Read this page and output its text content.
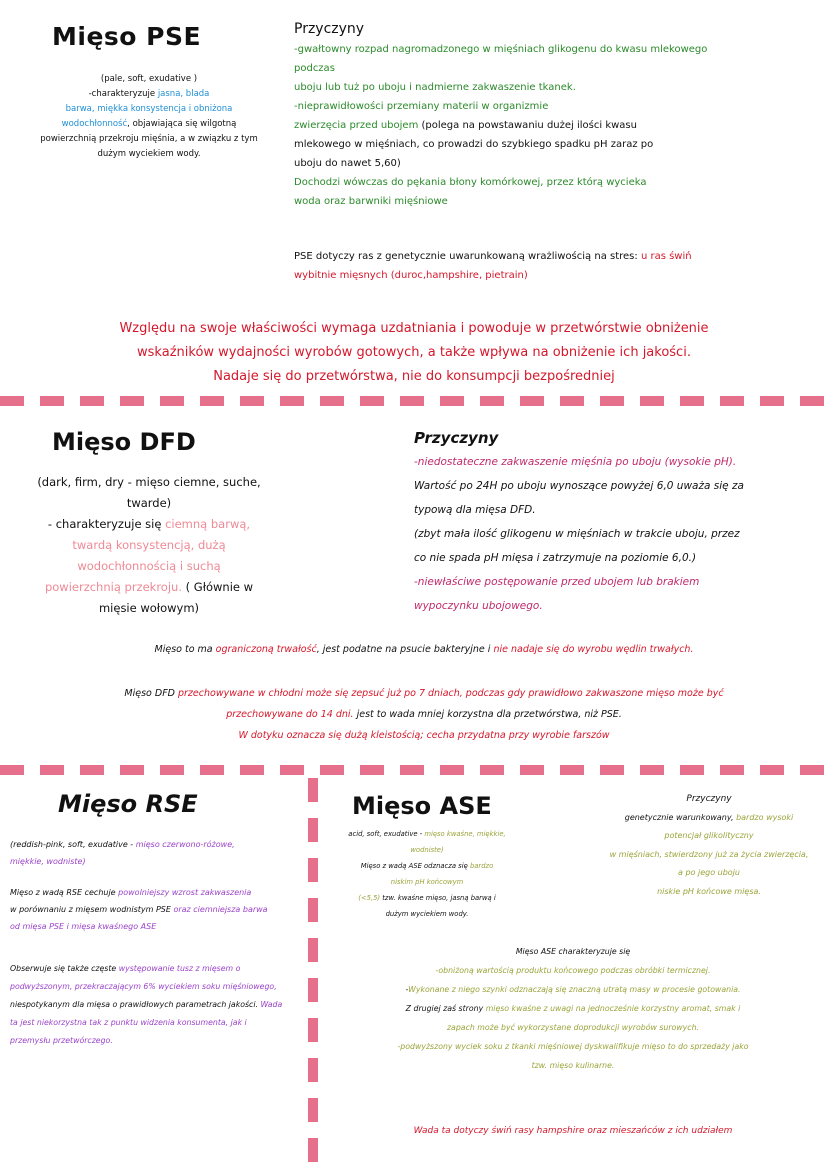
Mięso PSE
(pale, soft, exudative )
-charakteryzuje jasna, blada
barwa, miękka konsystencja i obniżona
wodochłonność, objawiająca się wilgotną
powierzchnią przekroju mięśnia, a w związku z tym
dużym wyciekiem wody.
Przyczyny
-gwałtowny rozpad nagromadzonego w mięśniach glikogenu do kwasu mlekowego
podczas
uboju lub tuż po uboju i nadmierne zakwaszenie tkanek.
-nieprawidłowości przemiany materii w organizmie
zwierzęcia przed ubojem (polega na powstawaniu dużej ilości kwasu
mlekowego w mięśniach, co prowadzi do szybkiego spadku pH zaraz po
uboju do nawet 5,60)
Dochodzi wówczas do pękania błony komórkowej, przez którą wycieka
woda oraz barwniki mięśniowe
PSE dotyczy ras z genetycznie uwarunkowaną wrażliwością na stres: u ras świń
wybitnie mięsnych (duroc,hampshire, pietrain)
Względu na swoje właściwości wymaga uzdatniania i powoduje w przetwórstwie obniżenie
wskaźników wydajności wyrobów gotowych, a także wpływa na obniżenie ich jakości.
Nadaje się do przetwórstwa, nie do konsumpcji bezpośredniej
Mięso DFD
(dark, firm, dry - mięso ciemne, suche,
twarde)
- charakteryzuje się ciemną barwą,
twardą konsystencją, dużą
wodochłonnością i suchą
powierzchnią przekroju. ( Głównie w
mięsie wołowym)
Przyczyny
-niedostateczne zakwaszenie mięśnia po uboju (wysokie pH).
Wartość po 24H po uboju wynoszące powyżej 6,0 uważa się za
typową dla mięsa DFD.
(zbyt mała ilość glikogenu w mięśniach w trakcie uboju, przez
co nie spada pH mięsa i zatrzymuje na poziomie 6,0.)
-niewłaściwe postępowanie przed ubojem lub brakiem
wypoczynku ubojowego.
Mięso to ma ograniczoną trwałość, jest podatne na psucie bakteryjne i nie nadaje się do wyrobu wędlin trwałych.
Mięso DFD przechowywane w chłodni może się zepsuć już po 7 dniach, podczas gdy prawidłowo zakwaszone mięso może być
przechowywane do 14 dni. jest to wada mniej korzystna dla przetwórstwa, niż PSE.
W dotyku oznacza się dużą kleistością; cecha przydatna przy wyrobie farszów
Mięso RSE
(reddish-pink, soft, exudative - mięso czerwono-różowe,
miękkie, wodniste)
Mięso z wadą RSE cechuje powolniejszy wzrost zakwaszenia
w porównaniu z mięsem wodnistym PSE oraz ciemniejsza barwa
od mięsa PSE i mięsa kwaśnego ASE
Obserwuje się także częste występowanie tusz z mięsem o
podwyższonym, przekraczającym 6% wyciekiem soku mięśniowego,
niespotykanym dla mięsa o prawidłowych parametrach jakości. Wada
ta jest niekorzystna tak z punktu widzenia konsumenta, jak i
przemysłu przetwórczego.
Mięso ASE
acid, soft, exudative - mięso kwaśne, miękkie,
wodniste)
Mięso z wadą ASE odznacza się bardzo
niskim pH końcowym
(<5,5) tzw. kwaśne mięso, jasną barwą i
dużym wyciekiem wody.
Przyczyny
genetycznie warunkowany, bardzo wysoki
potencjał glikolityczny
w mięśniach, stwierdzony już za życia zwierzęcia,
a po jego uboju
niskie pH końcowe mięsa.
Mięso ASE charakteryzuje się
-obniżoną wartością produktu końcowego podczas obróbki termicznej.
-Wykonane z niego szynki odznaczają się znaczną utratą masy w procesie gotowania.
Z drugiej zaś strony mięso kwaśne z uwagi na jednocześnie korzystny aromat, smak i
zapach może być wykorzystane doprodukcji wyrobów surowych.
-podwyższony wyciek soku z tkanki mięśniowej dyskwalifikuje mięso to do sprzedaży jako
tzw. mięso kulinarne.
Wada ta dotyczy świń rasy hampshire oraz mieszańców z ich udziałem
